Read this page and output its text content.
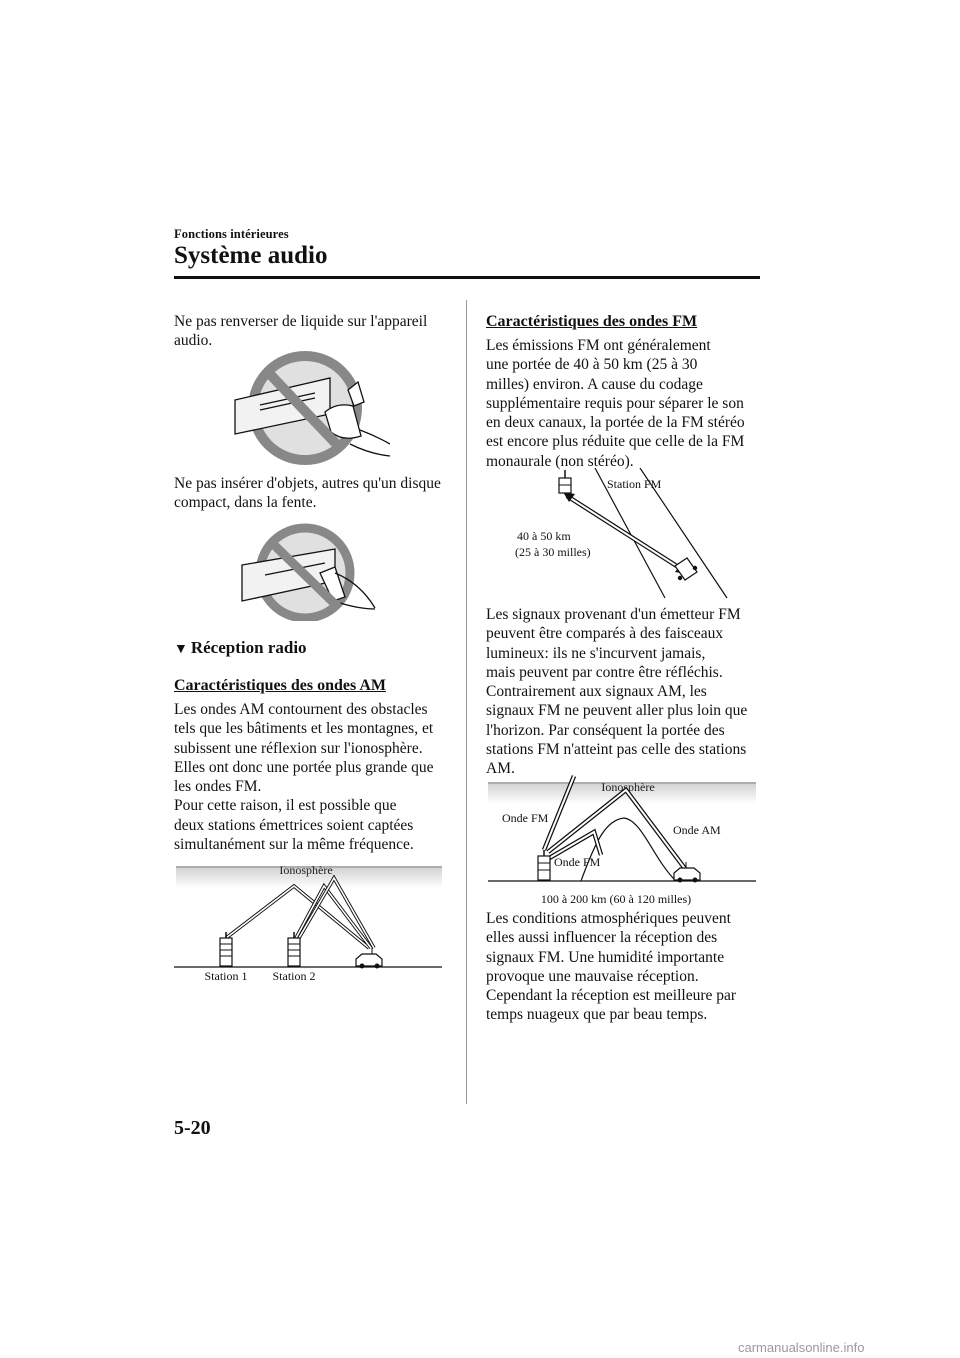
Fonctions intérieures
Système audio

Ne pas renverser de liquide sur l'appareil
audio.

Ne pas insérer d'objets, autres qu'un disque
compact, dans la fente.

▼ Réception radio

Caractéristiques des ondes AM

Les ondes AM contournent des obstacles
tels que les bâtiments et les montagnes, et
subissent une réflexion sur l'ionosphère.
Elles ont donc une portée plus grande que
les ondes FM.
Pour cette raison, il est possible que
deux stations émettrices soient captées
simultanément sur la même fréquence.

Ionosphère
Station 1 Station 2

Caractéristiques des ondes FM

Les émissions FM ont généralement
une portée de 40 à 50 km (25 à 30
milles) environ. A cause du codage
supplémentaire requis pour séparer le son
en deux canaux, la portée de la FM stéréo
est encore plus réduite que celle de la FM
monaurale (non stéréo).

Station FM
40 à 50 km
(25 à 30 milles)

Les signaux provenant d'un émetteur FM
peuvent être comparés à des faisceaux
lumineux: ils ne s'incurvent jamais,
mais peuvent par contre être réfléchis.
Contrairement aux signaux AM, les
signaux FM ne peuvent aller plus loin que
l'horizon. Par conséquent la portée des
stations FM n'atteint pas celle des stations
AM.

Ionosphère
Onde FM
Onde AM
Onde FM
100 à 200 km (60 à 120 milles)

Les conditions atmosphériques peuvent
elles aussi influencer la réception des
signaux FM. Une humidité importante
provoque une mauvaise réception.
Cependant la réception est meilleure par
temps nuageux que par beau temps.

5-20
carmanualsonline.info
